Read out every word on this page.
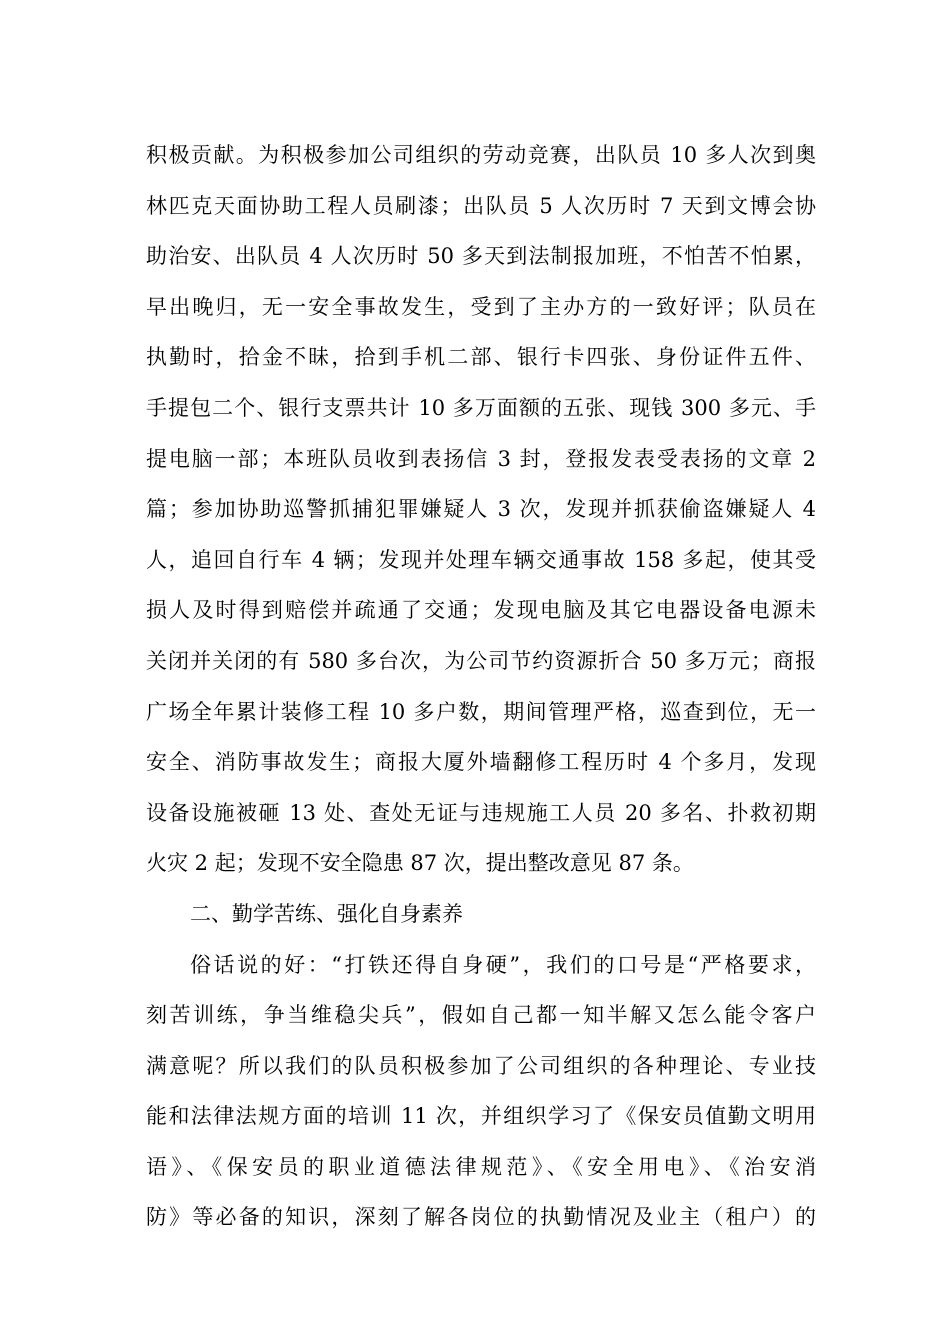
积极贡献。为积极参加公司组织的劳动竞赛，出队员 10 多人次到奥
林匹克天面协助工程人员刷漆；出队员 5 人次历时 7 天到文博会协
助治安、出队员 4 人次历时 50 多天到法制报加班，不怕苦不怕累，
早出晚归，无一安全事故发生，受到了主办方的一致好评；队员在
执勤时，拾金不昧，拾到手机二部、银行卡四张、身份证件五件、
手提包二个、银行支票共计 10 多万面额的五张、现钱 300 多元、手
提电脑一部；本班队员收到表扬信 3 封，登报发表受表扬的文章 2
篇；参加协助巡警抓捕犯罪嫌疑人 3 次，发现并抓获偷盗嫌疑人 4
人，追回自行车 4 辆；发现并处理车辆交通事故 158 多起，使其受
损人及时得到赔偿并疏通了交通；发现电脑及其它电器设备电源未
关闭并关闭的有 580 多台次，为公司节约资源折合 50 多万元；商报
广场全年累计装修工程 10 多户数，期间管理严格，巡查到位，无一
安全、消防事故发生；商报大厦外墙翻修工程历时 4 个多月，发现
设备设施被砸 13 处、查处无证与违规施工人员 20 多名、扑救初期
火灾 2 起；发现不安全隐患 87 次，提出整改意见 87 条。
二、勤学苦练、强化自身素养
俗话说的好：“打铁还得自身硬”，我们的口号是“严格要求，
刻苦训练，争当维稳尖兵”，假如自己都一知半解又怎么能令客户
满意呢？所以我们的队员积极参加了公司组织的各种理论、专业技
能和法律法规方面的培训 11 次，并组织学习了《保安员值勤文明用
语》、《保安员的职业道德法律规范》、《安全用电》、《治安消
防》等必备的知识，深刻了解各岗位的执勤情况及业主（租户）的
